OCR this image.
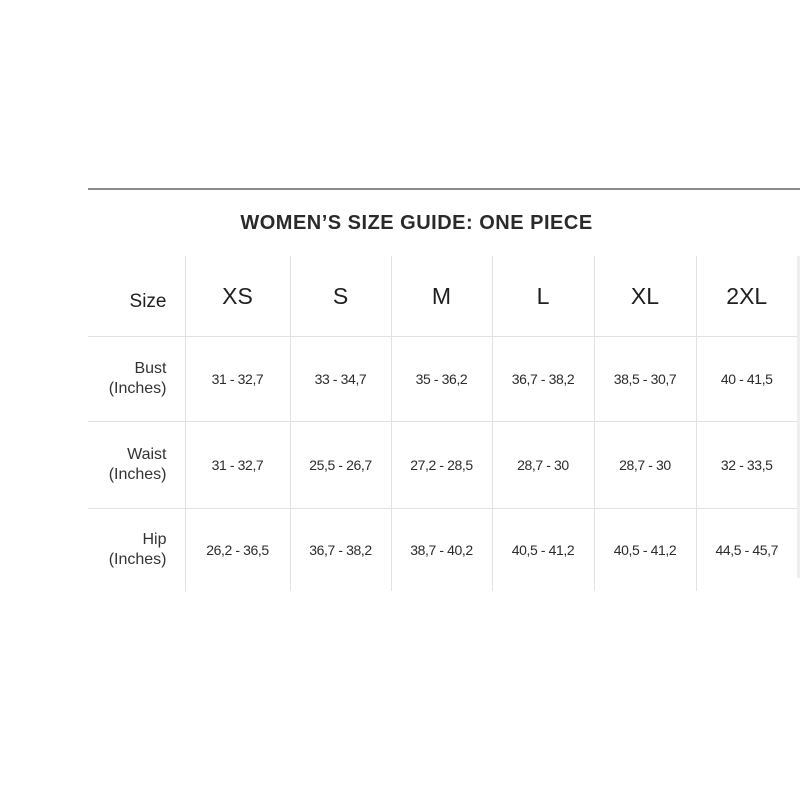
WOMEN’S SIZE GUIDE: ONE PIECE
Size	XS	S	M	L	XL	2XL

Bust
(Inches)	31 - 32,7	33 - 34,7	35 - 36,2	36,7 - 38,2	38,5 - 30,7	40 - 41,5

Waist
(Inches)	31 - 32,7	25,5 - 26,7	27,2 - 28,5	28,7 - 30	28,7 - 30	32 - 33,5

Hip
(Inches)	26,2 - 36,5	36,7 - 38,2	38,7 - 40,2	40,5 - 41,2	40,5 - 41,2	44,5 - 45,7
